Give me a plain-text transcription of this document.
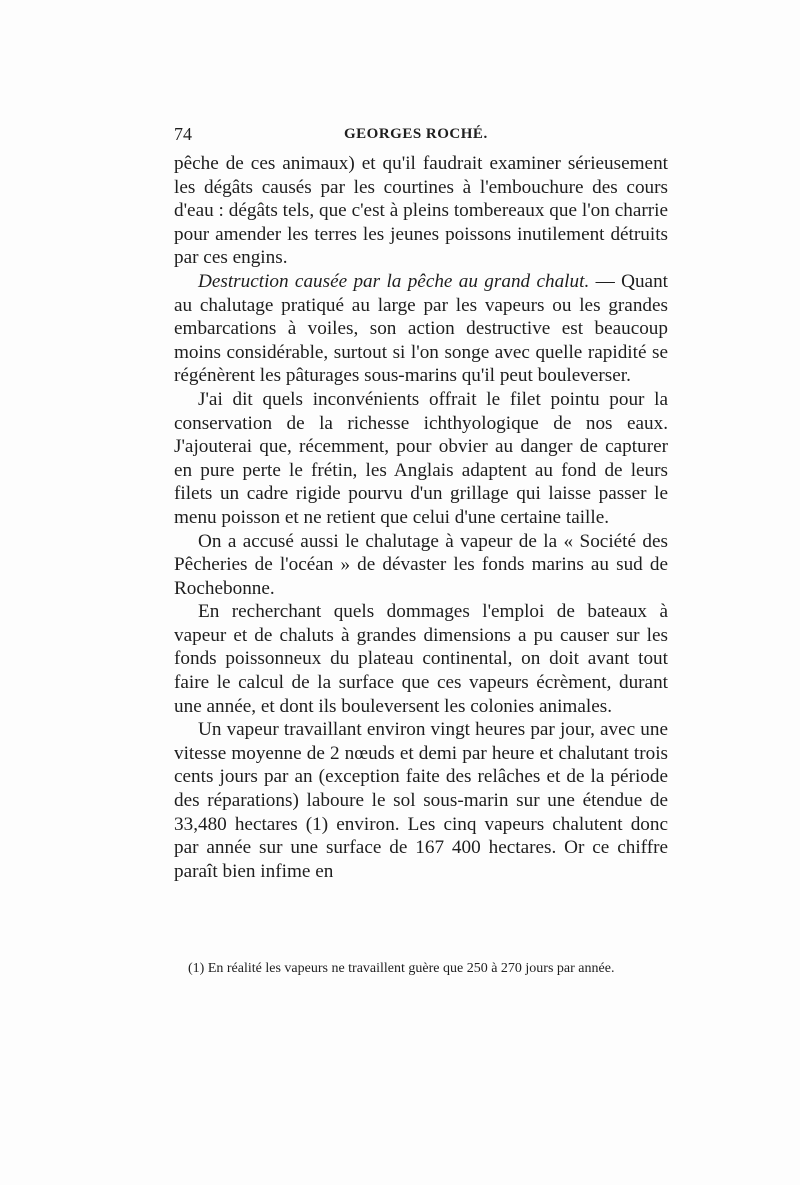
74	GEORGES ROCHÉ.

pêche de ces animaux) et qu'il faudrait examiner sérieusement les dégâts causés par les courtines à l'embouchure des cours d'eau : dégâts tels, que c'est à pleins tombereaux que l'on charrie pour amender les terres les jeunes poissons inutilement détruits par ces engins.

Destruction causée par la pêche au grand chalut. — Quant au chalutage pratiqué au large par les vapeurs ou les grandes embarcations à voiles, son action destructive est beaucoup moins considérable, surtout si l'on songe avec quelle rapidité se régénèrent les pâturages sous-marins qu'il peut bouleverser.

J'ai dit quels inconvénients offrait le filet pointu pour la conservation de la richesse ichthyologique de nos eaux. J'ajouterai que, récemment, pour obvier au danger de capturer en pure perte le frétin, les Anglais adaptent au fond de leurs filets un cadre rigide pourvu d'un grillage qui laisse passer le menu poisson et ne retient que celui d'une certaine taille.

On a accusé aussi le chalutage à vapeur de la « Société des Pêcheries de l'océan » de dévaster les fonds marins au sud de Rochebonne.

En recherchant quels dommages l'emploi de bateaux à vapeur et de chaluts à grandes dimensions a pu causer sur les fonds poissonneux du plateau continental, on doit avant tout faire le calcul de la surface que ces vapeurs écrèment, durant une année, et dont ils bouleversent les colonies animales.

Un vapeur travaillant environ vingt heures par jour, avec une vitesse moyenne de 2 nœuds et demi par heure et chalutant trois cents jours par an (exception faite des relâches et de la période des réparations) laboure le sol sous-marin sur une étendue de 33,480 hectares (1) environ. Les cinq vapeurs chalutent donc par année sur une surface de 167 400 hectares. Or ce chiffre paraît bien infime en

(1) En réalité les vapeurs ne travaillent guère que 250 à 270 jours par année.
